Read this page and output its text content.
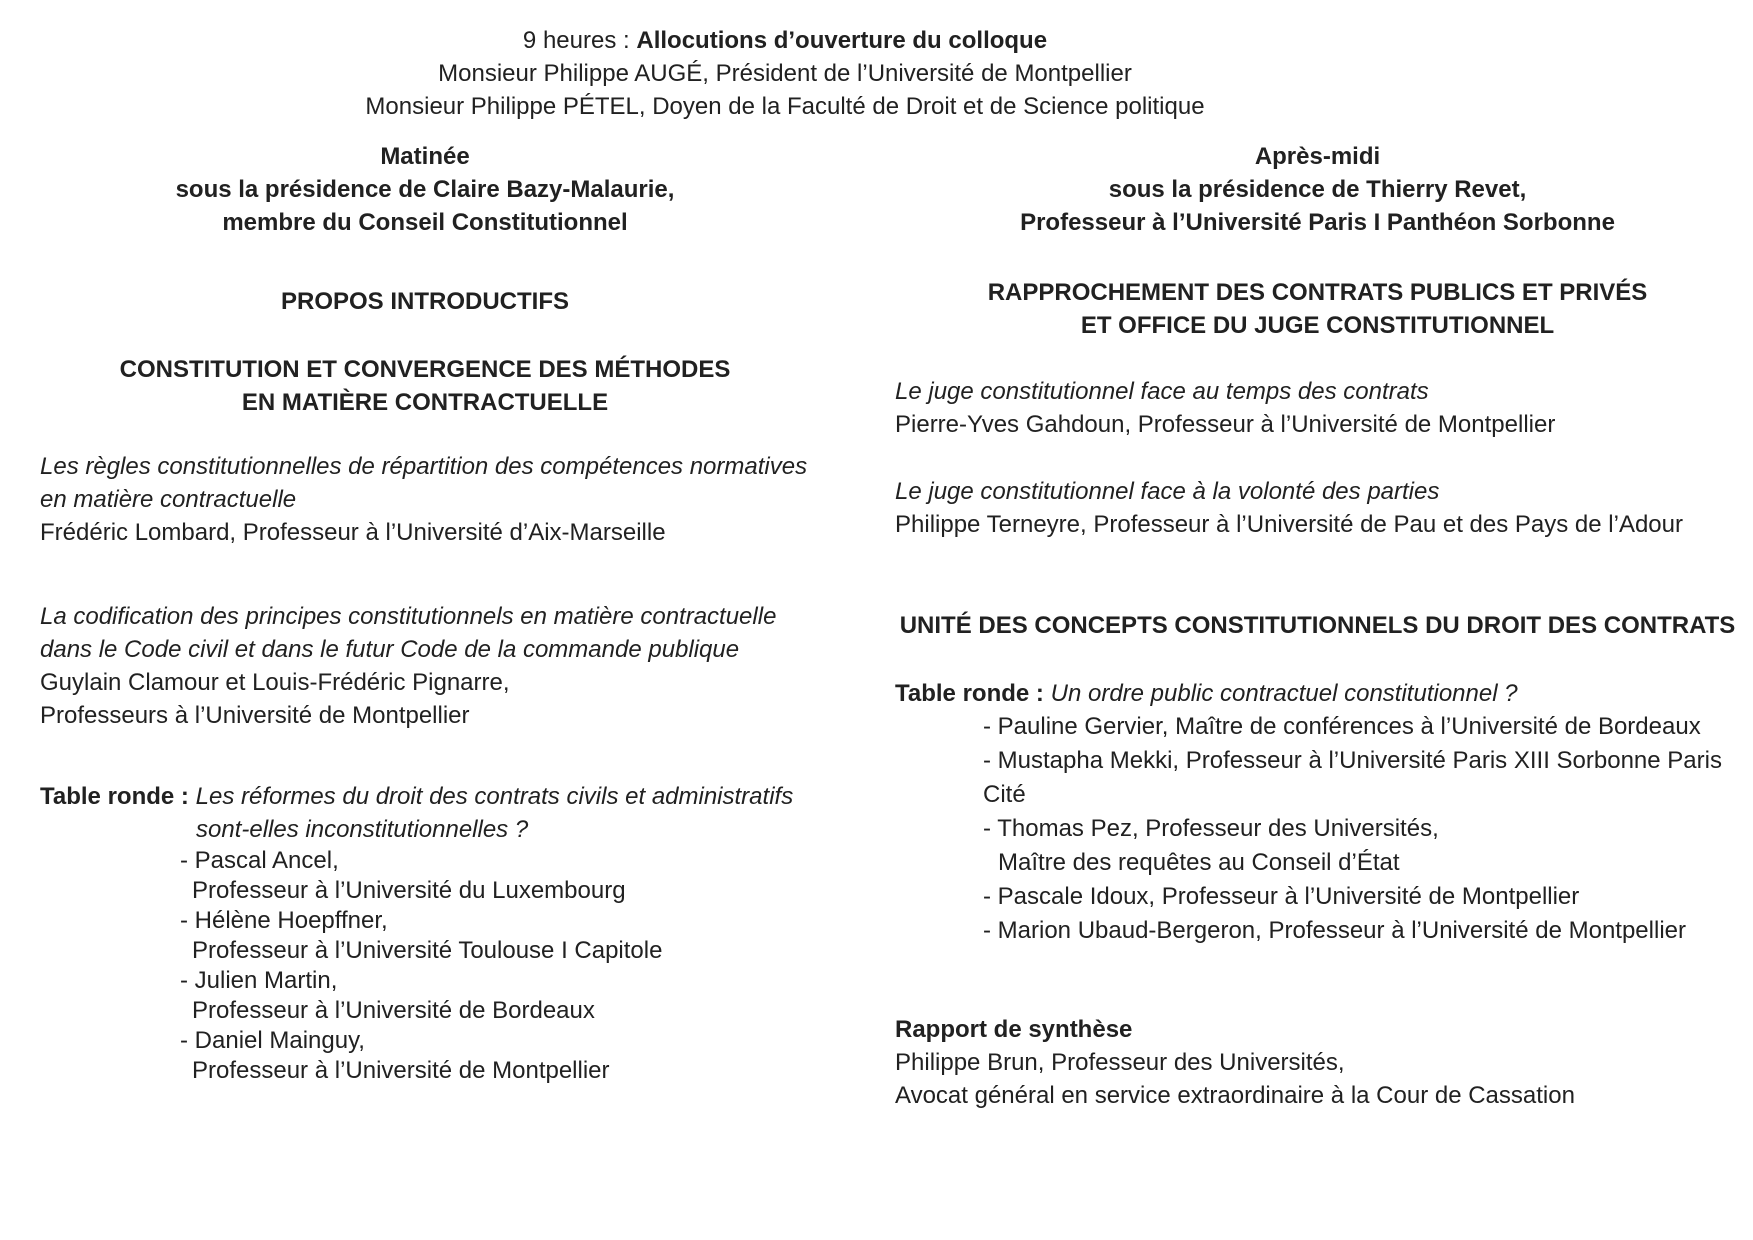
9 heures : Allocutions d’ouverture du colloque
Monsieur Philippe AUGÉ, Président de l’Université de Montpellier
Monsieur Philippe PÉTEL, Doyen de la Faculté de Droit et de Science politique
Matinée
sous la présidence de Claire Bazy-Malaurie,
membre du Conseil Constitutionnel
PROPOS INTRODUCTIFS
CONSTITUTION ET CONVERGENCE DES MÉTHODES
EN MATIÈRE CONTRACTUELLE
Les règles constitutionnelles de répartition des compétences normatives
en matière contractuelle
Frédéric Lombard, Professeur à l’Université d’Aix-Marseille
La codification des principes constitutionnels en matière contractuelle
dans le Code civil et dans le futur Code de la commande publique
Guylain Clamour et Louis-Frédéric Pignarre,
Professeurs à l’Université de Montpellier
Table ronde : Les réformes du droit des contrats civils et administratifs
sont-elles inconstitutionnelles ?
- Pascal Ancel,
Professeur à l’Université du Luxembourg
- Hélène Hoepffner,
Professeur à l’Université Toulouse I Capitole
- Julien Martin,
Professeur à l’Université de Bordeaux
- Daniel Mainguy,
Professeur à l’Université de Montpellier
Après-midi
sous la présidence de Thierry Revet,
Professeur à l’Université Paris I Panthéon Sorbonne
RAPPROCHEMENT DES CONTRATS PUBLICS ET PRIVÉS
ET OFFICE DU JUGE CONSTITUTIONNEL
Le juge constitutionnel face au temps des contrats
Pierre-Yves Gahdoun, Professeur à l’Université de Montpellier
Le juge constitutionnel face à la volonté des parties
Philippe Terneyre, Professeur à l’Université de Pau et des Pays de l’Adour
UNITÉ DES CONCEPTS CONSTITUTIONNELS DU DROIT DES CONTRATS
Table ronde : Un ordre public contractuel constitutionnel ?
- Pauline Gervier, Maître de conférences à l’Université de Bordeaux
- Mustapha Mekki, Professeur à l’Université Paris XIII Sorbonne Paris Cité
- Thomas Pez, Professeur des Universités,
Maître des requêtes au Conseil d’État
- Pascale Idoux, Professeur à l’Université de Montpellier
- Marion Ubaud-Bergeron, Professeur à l’Université de Montpellier
Rapport de synthèse
Philippe Brun, Professeur des Universités,
Avocat général en service extraordinaire à la Cour de Cassation
